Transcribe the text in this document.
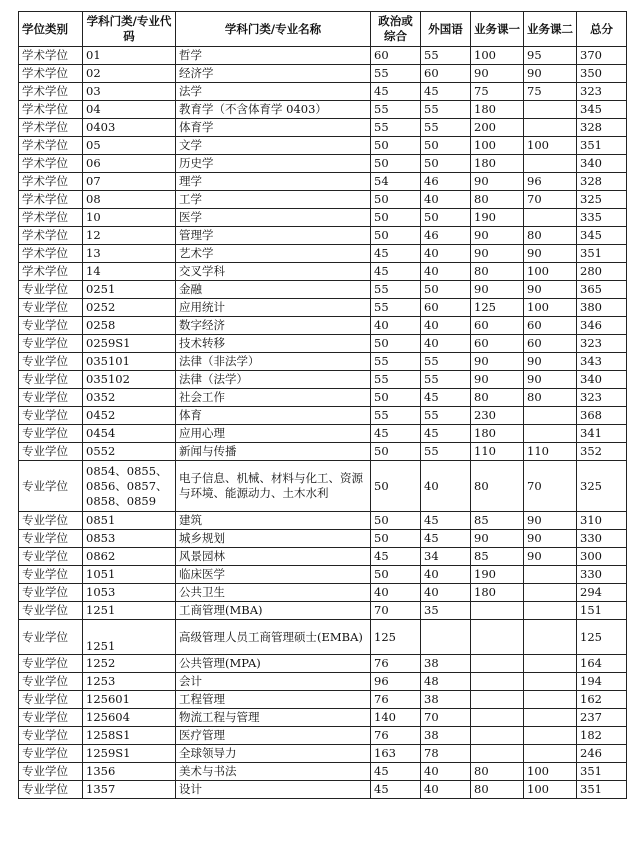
学位类别	学科门类/专业代码	学科门类/专业名称	政治或综合	外国语	业务课一	业务课二	总分
学术学位	01	哲学	60	55	100	95	370
学术学位	02	经济学	55	60	90	90	350
学术学位	03	法学	45	45	75	75	323
学术学位	04	教育学（不含体育学 0403）	55	55	180		345
学术学位	0403	体育学	55	55	200		328
学术学位	05	文学	50	50	100	100	351
学术学位	06	历史学	50	50	180		340
学术学位	07	理学	54	46	90	96	328
学术学位	08	工学	50	40	80	70	325
学术学位	10	医学	50	50	190		335
学术学位	12	管理学	50	46	90	80	345
学术学位	13	艺术学	45	40	90	90	351
学术学位	14	交叉学科	45	40	80	100	280
专业学位	0251	金融	55	50	90	90	365
专业学位	0252	应用统计	55	60	125	100	380
专业学位	0258	数字经济	40	40	60	60	346
专业学位	0259S1	技术转移	50	40	60	60	323
专业学位	035101	法律（非法学）	55	55	90	90	343
专业学位	035102	法律（法学）	55	55	90	90	340
专业学位	0352	社会工作	50	45	80	80	323
专业学位	0452	体育	55	55	230		368
专业学位	0454	应用心理	45	45	180		341
专业学位	0552	新闻与传播	50	55	110	110	352
专业学位	0854、0855、0856、0857、0858、0859	电子信息、机械、材料与化工、资源与环境、能源动力、土木水利	50	40	80	70	325
专业学位	0851	建筑	50	45	85	90	310
专业学位	0853	城乡规划	50	45	90	90	330
专业学位	0862	风景园林	45	34	85	90	300
专业学位	1051	临床医学	50	40	190		330
专业学位	1053	公共卫生	40	40	180		294
专业学位	1251	工商管理(MBA)	70	35			151
专业学位	1251	高级管理人员工商管理硕士(EMBA)	125				125
专业学位	1252	公共管理(MPA)	76	38			164
专业学位	1253	会计	96	48			194
专业学位	125601	工程管理	76	38			162
专业学位	125604	物流工程与管理	140	70			237
专业学位	1258S1	医疗管理	76	38			182
专业学位	1259S1	全球领导力	163	78			246
专业学位	1356	美术与书法	45	40	80	100	351
专业学位	1357	设计	45	40	80	100	351
